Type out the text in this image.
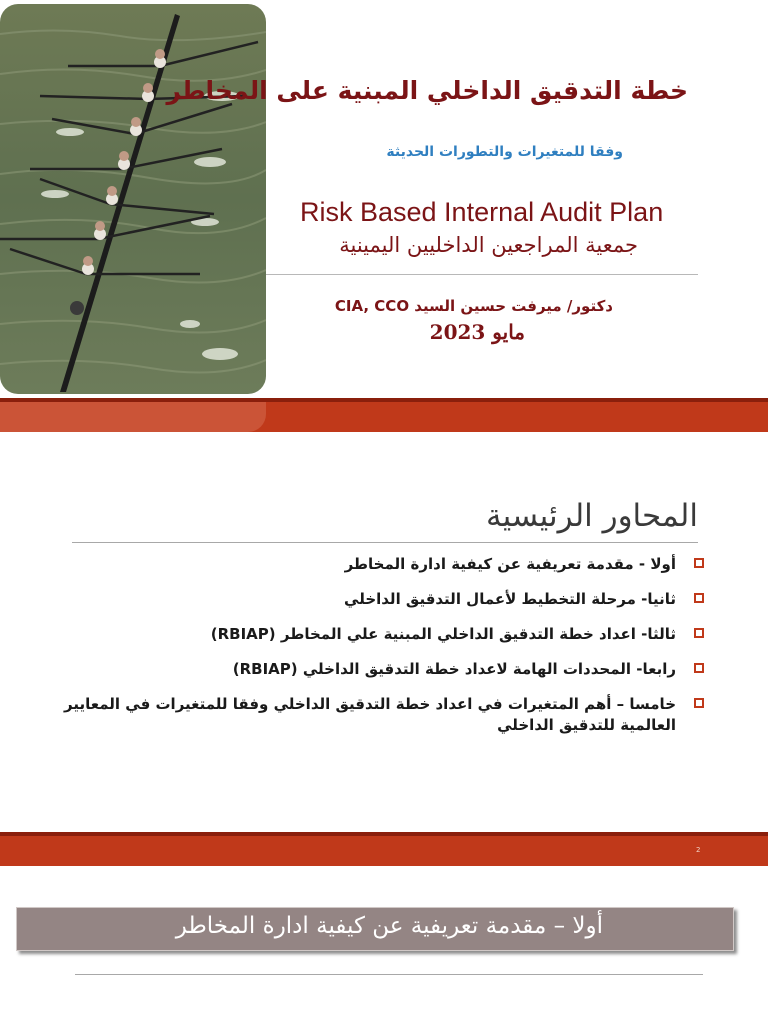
خطة التدقيق الداخلي المبنية على المخاطر
وفقا للمتغيرات والتطورات الحديثة
Risk Based Internal Audit Plan
جمعية المراجعين الداخليين اليمينية
دكتور/ ميرفت حسين السيد CIA, CCO
مايو 2023
المحاور الرئيسية
أولا - مقدمة تعريفية عن كيفية ادارة المخاطر
ثانيا- مرحلة التخطيط لأعمال التدقيق الداخلي
ثالثا- اعداد خطة التدقيق الداخلي المبنية علي المخاطر (RBIAP)
رابعا- المحددات الهامة لاعداد خطة التدقيق الداخلي (RBIAP)
خامسا – أهم المتغيرات في اعداد خطة التدقيق الداخلي وفقا للمتغيرات في المعايير العالمية للتدقيق الداخلي
2
أولا – مقدمة تعريفية عن كيفية ادارة المخاطر
